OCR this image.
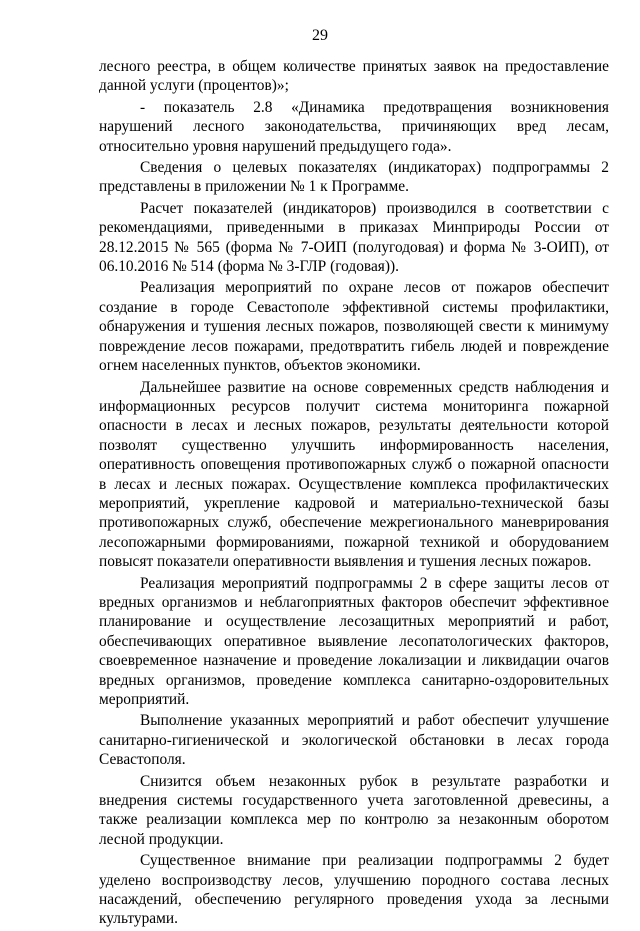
29

лесного реестра, в общем количестве принятых заявок на предоставление данной услуги (процентов)»;

- показатель 2.8 «Динамика предотвращения возникновения нарушений лесного законодательства, причиняющих вред лесам, относительно уровня нарушений предыдущего года».

Сведения о целевых показателях (индикаторах) подпрограммы 2 представлены в приложении № 1 к Программе.

Расчет показателей (индикаторов) производился в соответствии с рекомендациями, приведенными в приказах Минприроды России от 28.12.2015 № 565 (форма № 7-ОИП (полугодовая) и форма № 3-ОИП), от 06.10.2016 № 514 (форма № 3-ГЛР (годовая)).

Реализация мероприятий по охране лесов от пожаров обеспечит создание в городе Севастополе эффективной системы профилактики, обнаружения и тушения лесных пожаров, позволяющей свести к минимуму повреждение лесов пожарами, предотвратить гибель людей и повреждение огнем населенных пунктов, объектов экономики.

Дальнейшее развитие на основе современных средств наблюдения и информационных ресурсов получит система мониторинга пожарной опасности в лесах и лесных пожаров, результаты деятельности которой позволят существенно улучшить информированность населения, оперативность оповещения противопожарных служб о пожарной опасности в лесах и лесных пожарах. Осуществление комплекса профилактических мероприятий, укрепление кадровой и материально-технической базы противопожарных служб, обеспечение межрегионального маневрирования лесопожарными формированиями, пожарной техникой и оборудованием повысят показатели оперативности выявления и тушения лесных пожаров.

Реализация мероприятий подпрограммы 2 в сфере защиты лесов от вредных организмов и неблагоприятных факторов обеспечит эффективное планирование и осуществление лесозащитных мероприятий и работ, обеспечивающих оперативное выявление лесопатологических факторов, своевременное назначение и проведение локализации и ликвидации очагов вредных организмов, проведение комплекса санитарно-оздоровительных мероприятий.

Выполнение указанных мероприятий и работ обеспечит улучшение санитарно-гигиенической и экологической обстановки в лесах города Севастополя.

Снизится объем незаконных рубок в результате разработки и внедрения системы государственного учета заготовленной древесины, а также реализации комплекса мер по контролю за незаконным оборотом лесной продукции.

Существенное внимание при реализации подпрограммы 2 будет уделено воспроизводству лесов, улучшению породного состава лесных насаждений, обеспечению регулярного проведения ухода за лесными культурами.
